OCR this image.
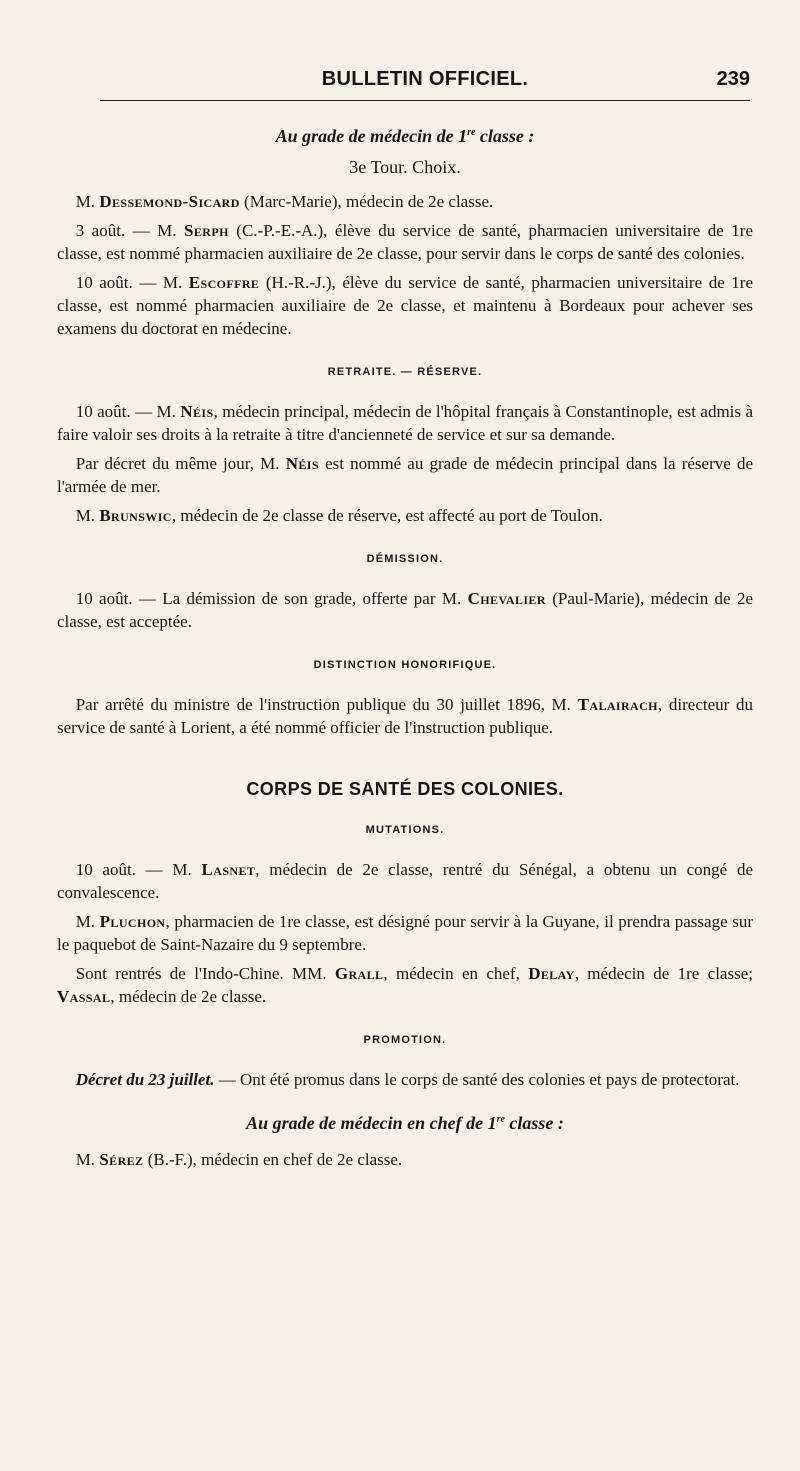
BULLETIN OFFICIEL.	239
Au grade de médecin de 1re classe :
3e Tour. Choix.

M. Dessemond-Sicard (Marc-Marie), médecin de 2e classe.

3 août. — M. Serph (C.-P.-E.-A.), élève du service de santé, pharmacien universitaire de 1re classe, est nommé pharmacien auxiliaire de 2e classe, pour servir dans le corps de santé des colonies.

10 août. — M. Escoffre (H.-R.-J.), élève du service de santé, pharmacien universitaire de 1re classe, est nommé pharmacien auxiliaire de 2e classe, et maintenu à Bordeaux pour achever ses examens du doctorat en médecine.

RETRAITE. — RÉSERVE.

10 août. — M. Néis, médecin principal, médecin de l'hôpital français à Constantinople, est admis à faire valoir ses droits à la retraite à titre d'ancienneté de service et sur sa demande.

Par décret du même jour, M. Néis est nommé au grade de médecin principal dans la réserve de l'armée de mer.

M. Brunswic, médecin de 2e classe de réserve, est affecté au port de Toulon.

DÉMISSION.

10 août. — La démission de son grade, offerte par M. Chevalier (Paul-Marie), médecin de 2e classe, est acceptée.

DISTINCTION HONORIFIQUE.

Par arrêté du ministre de l'instruction publique du 30 juillet 1896, M. Talairach, directeur du service de santé à Lorient, a été nommé officier de l'instruction publique.

CORPS DE SANTÉ DES COLONIES.
MUTATIONS.

10 août. — M. Lasnet, médecin de 2e classe, rentré du Sénégal, a obtenu un congé de convalescence.

M. Pluchon, pharmacien de 1re classe, est désigné pour servir à la Guyane, il prendra passage sur le paquebot de Saint-Nazaire du 9 septembre.

Sont rentrés de l'Indo-Chine. MM. Grall, médecin en chef, Delay, médecin de 1re classe; Vassal, médecin de 2e classe.

PROMOTION.

Décret du 23 juillet. — Ont été promus dans le corps de santé des colonies et pays de protectorat.

Au grade de médecin en chef de 1re classe :

M. Sérez (B.-F.), médecin en chef de 2e classe.
